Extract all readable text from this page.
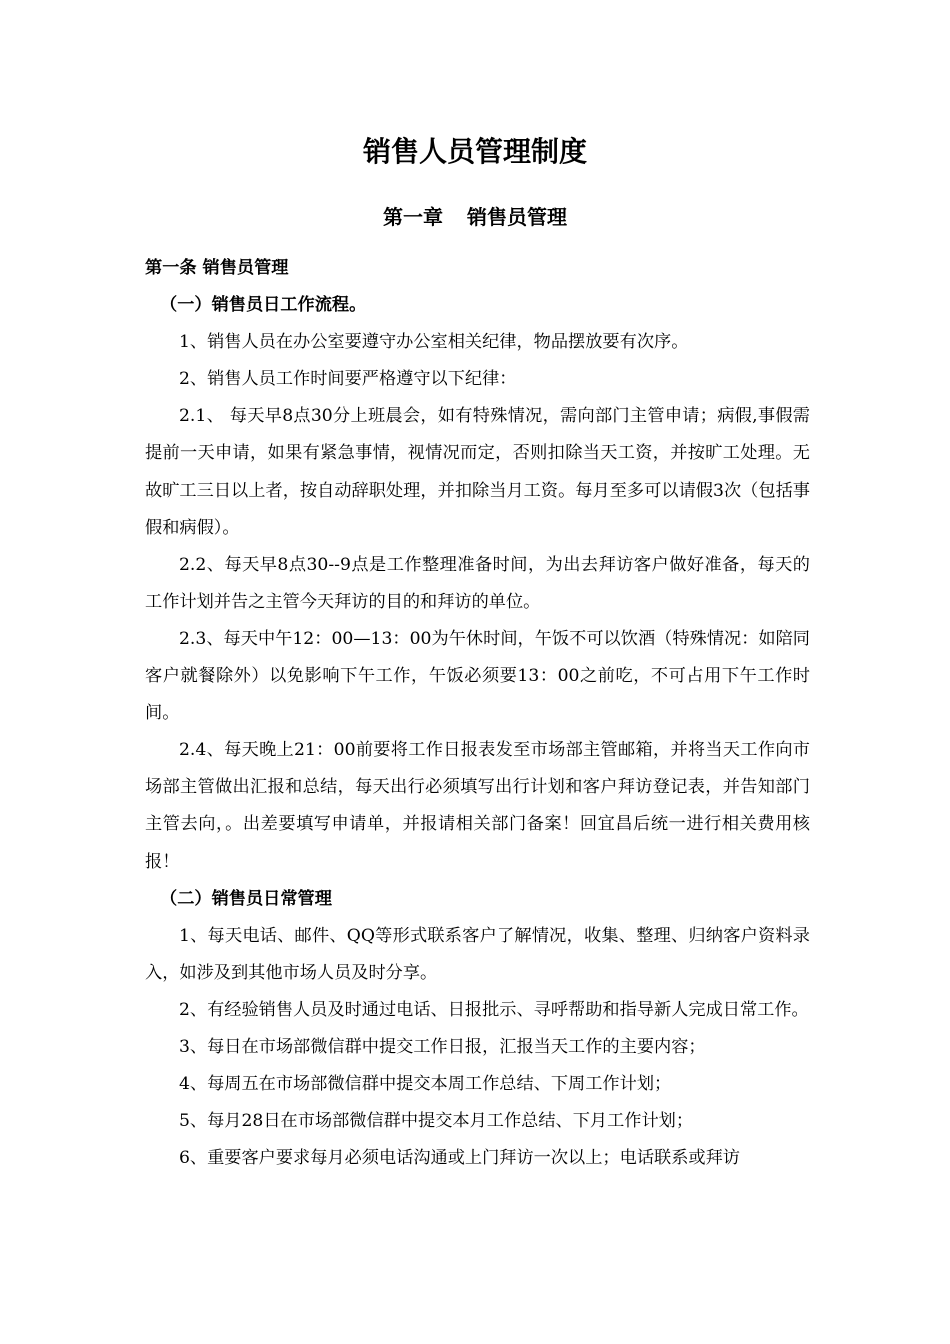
销售人员管理制度
第一章 销售员管理

第一条 销售员管理

（一）销售员日工作流程。

1、销售人员在办公室要遵守办公室相关纪律，物品摆放要有次序。

2、销售人员工作时间要严格遵守以下纪律：

2.1、 每天早8点30分上班晨会，如有特殊情况，需向部门主管申请；病假,事假需提前一天申请，如果有紧急事情，视情况而定，否则扣除当天工资，并按旷工处理。无故旷工三日以上者，按自动辞职处理，并扣除当月工资。每月至多可以请假3次（包括事假和病假）。

2.2、每天早8点30--9点是工作整理准备时间，为出去拜访客户做好准备，每天的工作计划并告之主管今天拜访的目的和拜访的单位。

2.3、每天中午12：00—13：00为午休时间，午饭不可以饮酒（特殊情况：如陪同客户就餐除外）以免影响下午工作，午饭必须要13：00之前吃，不可占用下午工作时间。

2.4、每天晚上21：00前要将工作日报表发至市场部主管邮箱，并将当天工作向市场部主管做出汇报和总结，每天出行必须填写出行计划和客户拜访登记表，并告知部门主管去向，。出差要填写申请单，并报请相关部门备案！回宜昌后统一进行相关费用核报！

（二）销售员日常管理

1、每天电话、邮件、QQ等形式联系客户了解情况，收集、整理、归纳客户资料录入，如涉及到其他市场人员及时分享。

2、有经验销售人员及时通过电话、日报批示、寻呼帮助和指导新人完成日常工作。

3、每日在市场部微信群中提交工作日报，汇报当天工作的主要内容；

4、每周五在市场部微信群中提交本周工作总结、下周工作计划；

5、每月28日在市场部微信群中提交本月工作总结、下月工作计划；

6、重要客户要求每月必须电话沟通或上门拜访一次以上；电话联系或拜访
